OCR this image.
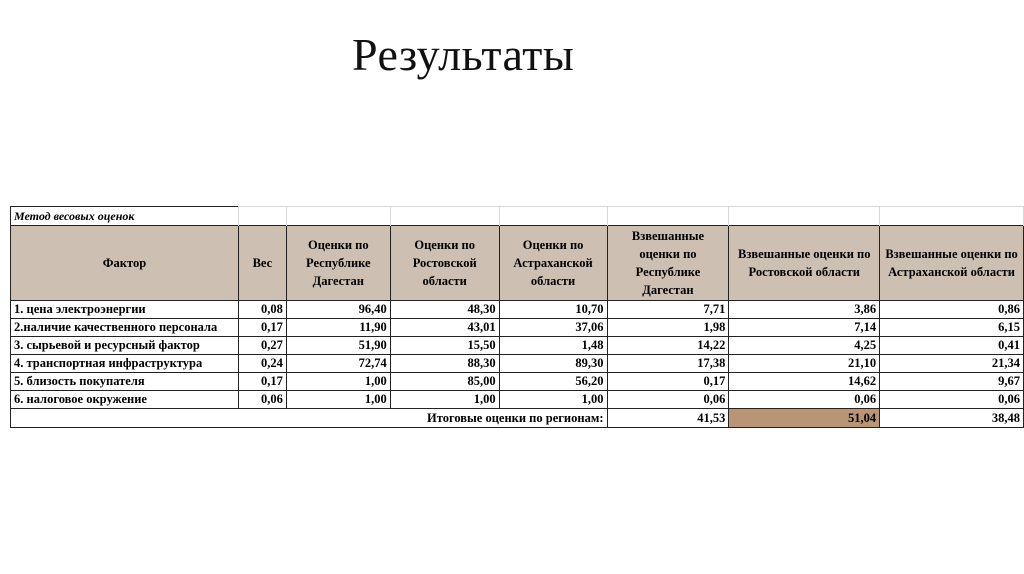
Результаты
Метод весовых оценок							
Фактор	Вес	Оценки по Республике Дагестан	Оценки по Ростовской области	Оценки по Астраханской области	Взвешанные оценки по Республике Дагестан	Взвешанные оценки по Ростовской области	Взвешанные оценки по Астраханской области
1. цена электроэнергии	0,08	96,40	48,30	10,70	7,71	3,86	0,86
2.наличие качественного персонала	0,17	11,90	43,01	37,06	1,98	7,14	6,15
3. сырьевой и ресурсный фактор	0,27	51,90	15,50	1,48	14,22	4,25	0,41
4. транспортная инфраструктура	0,24	72,74	88,30	89,30	17,38	21,10	21,34
5. близость покупателя	0,17	1,00	85,00	56,20	0,17	14,62	9,67
6. налоговое окружение	0,06	1,00	1,00	1,00	0,06	0,06	0,06
Итоговые оценки по регионам:					41,53	51,04	38,48
